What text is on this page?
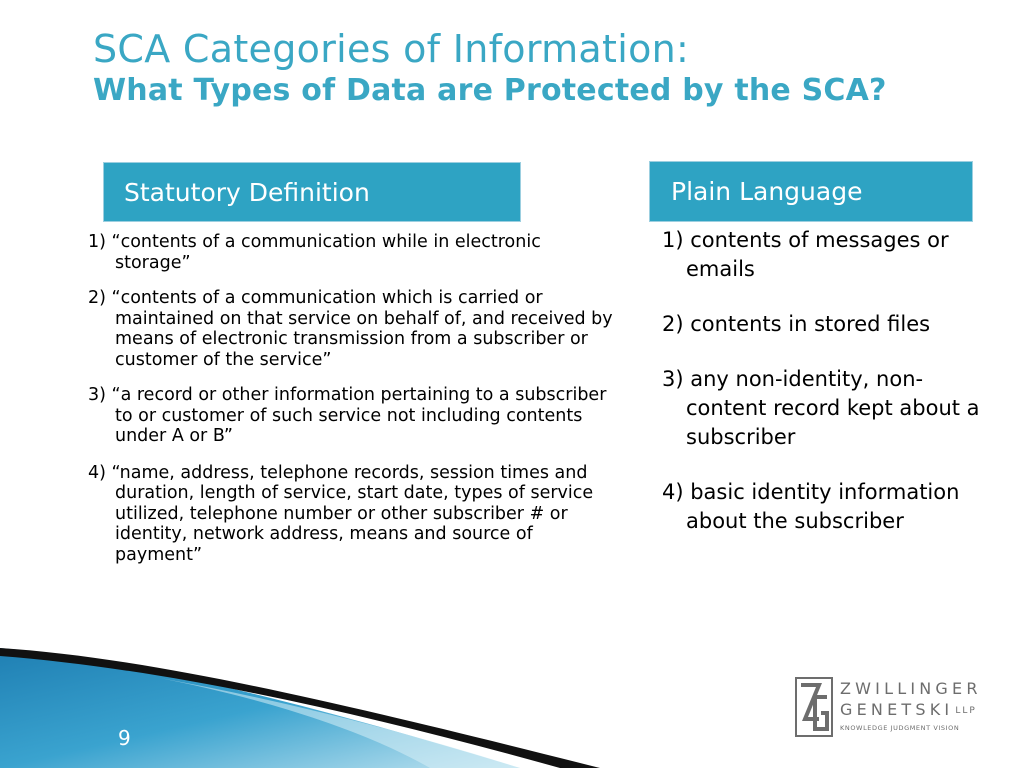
SCA Categories of Information:
What Types of Data are Protected by the SCA?
Statutory Definition	Plain Language

1) “contents of a communication while in electronic storage”

2) “contents of a communication which is carried or maintained on that service on behalf of, and received by means of electronic transmission from a subscriber or customer of the service”

3) “a record or other information pertaining to a subscriber to or customer of such service not including contents under A or B”

4) “name, address, telephone records, session times and duration, length of service, start date, types of service utilized, telephone number or other subscriber # or identity, network address, means and source of payment”

1) contents of messages or emails

2) contents in stored files

3) any non-identity, non-content record kept about a subscriber

4) basic identity information about the subscriber

9
ZWILLINGER
GENETSKI LLP
KNOWLEDGE JUDGMENT VISION
